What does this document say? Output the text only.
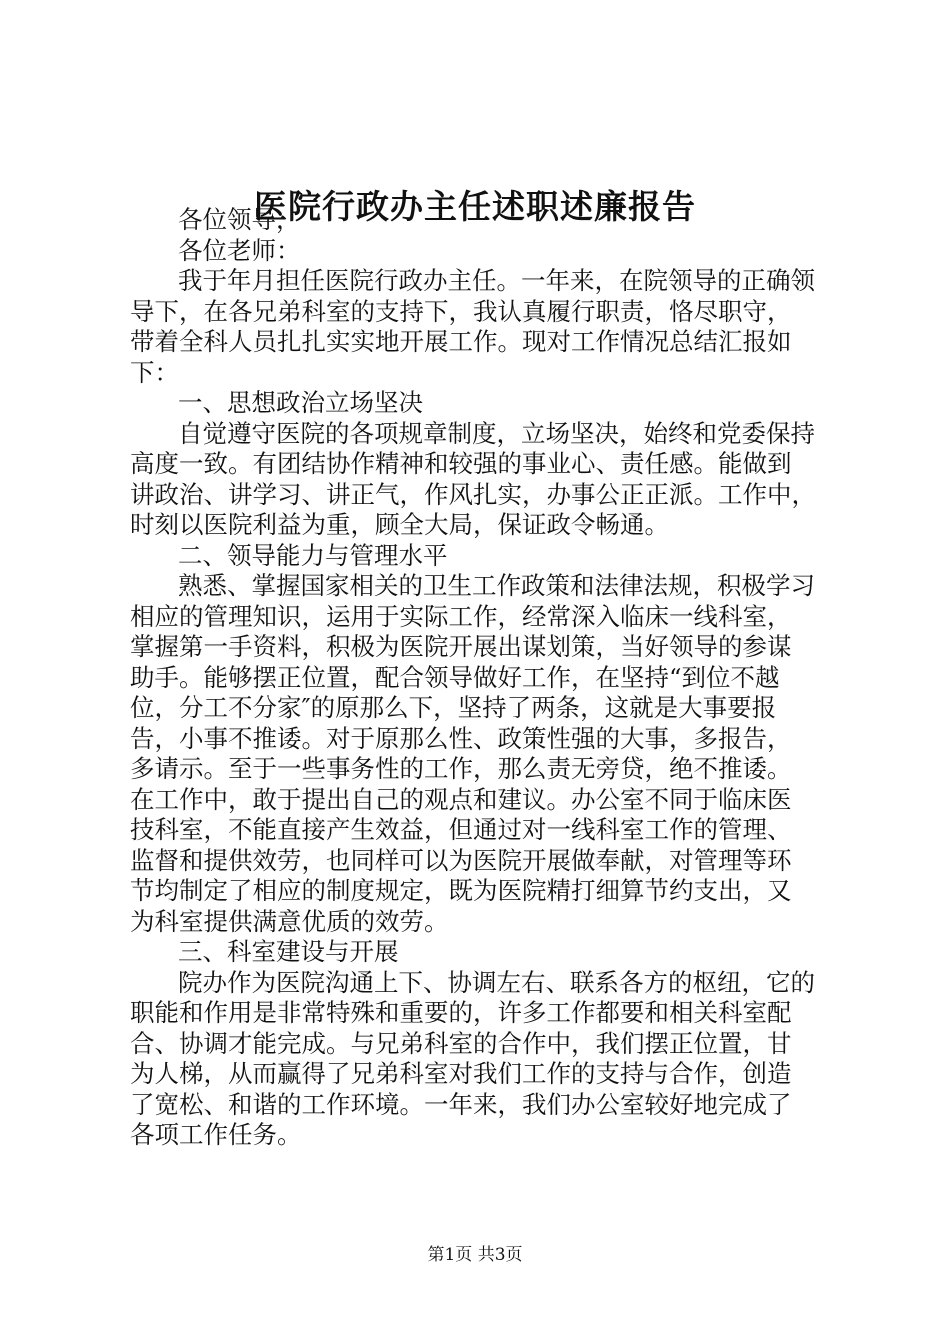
医院行政办主任述职述廉报告
各位领导，
各位老师：
我于年月担任医院行政办主任。一年来，在院领导的正确领
导下，在各兄弟科室的支持下，我认真履行职责，恪尽职守，
带着全科人员扎扎实实地开展工作。现对工作情况总结汇报如
下：
一、思想政治立场坚决
自觉遵守医院的各项规章制度，立场坚决，始终和党委保持
高度一致。有团结协作精神和较强的事业心、责任感。能做到
讲政治、讲学习、讲正气，作风扎实，办事公正正派。工作中，
时刻以医院利益为重，顾全大局，保证政令畅通。
二、领导能力与管理水平
熟悉、掌握国家相关的卫生工作政策和法律法规，积极学习
相应的管理知识，运用于实际工作，经常深入临床一线科室，
掌握第一手资料，积极为医院开展出谋划策，当好领导的参谋
助手。能够摆正位置，配合领导做好工作，在坚持“到位不越
位，分工不分家″的原那么下，坚持了两条，这就是大事要报
告，小事不推诿。对于原那么性、政策性强的大事，多报告，
多请示。至于一些事务性的工作，那么责无旁贷，绝不推诿。
在工作中，敢于提出自己的观点和建议。办公室不同于临床医
技科室，不能直接产生效益，但通过对一线科室工作的管理、
监督和提供效劳，也同样可以为医院开展做奉献，对管理等环
节均制定了相应的制度规定，既为医院精打细算节约支出，又
为科室提供满意优质的效劳。
三、科室建设与开展
院办作为医院沟通上下、协调左右、联系各方的枢纽，它的
职能和作用是非常特殊和重要的，许多工作都要和相关科室配
合、协调才能完成。与兄弟科室的合作中，我们摆正位置，甘
为人梯，从而赢得了兄弟科室对我们工作的支持与合作，创造
了宽松、和谐的工作环境。一年来，我们办公室较好地完成了
各项工作任务。
第1页 共3页
